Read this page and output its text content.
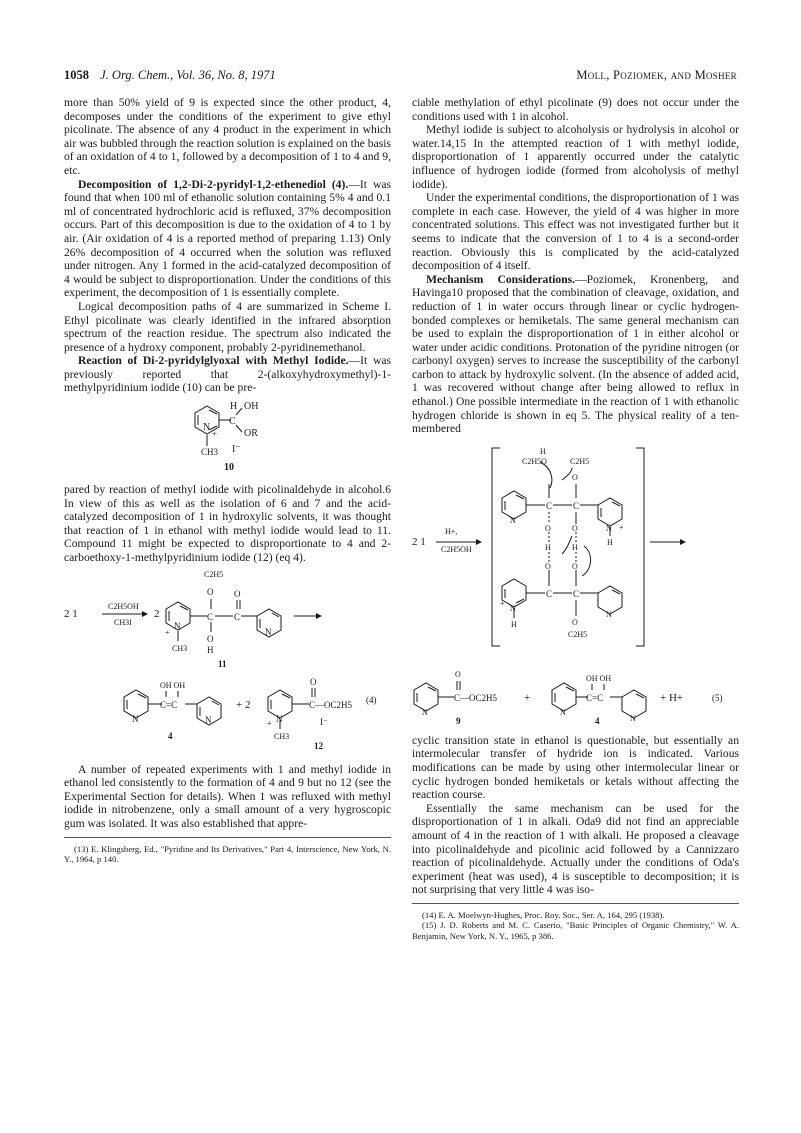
1058 J. Org. Chem., Vol. 36, No. 8, 1971	Moll, Poziomek, and Mosher

more than 50% yield of 9 is expected since the other product, 4, decomposes under the conditions of the experiment to give ethyl picolinate. The absence of any 4 product in the experiment in which air was bubbled through the reaction solution is explained on the basis of an oxidation of 4 to 1, followed by a decomposition of 1 to 4 and 9, etc.

Decomposition of 1,2-Di-2-pyridyl-1,2-ethenediol (4).—It was found that when 100 ml of ethanolic solution containing 5% 4 and 0.1 ml of concentrated hydrochloric acid is refluxed, 37% decomposition occurs. Part of this decomposition is due to the oxidation of 4 to 1 by air. (Air oxidation of 4 is a reported method of preparing 1.13) Only 26% decomposition of 4 occurred when the solution was refluxed under nitrogen. Any 1 formed in the acid-catalyzed decomposition of 4 would be subject to disproportionation. Under the conditions of this experiment, the decomposition of 1 is essentially complete.

Logical decomposition paths of 4 are summarized in Scheme I. Ethyl picolinate was clearly identified in the infrared absorption spectrum of the reaction residue. The spectrum also indicated the presence of a hydroxy component, probably 2-pyridinemethanol.

Reaction of Di-2-pyridylglyoxal with Methyl Iodide.—It was previously reported that 2-(alkoxyhydroxymethyl)-1-methylpyridinium iodide (10) can be pre-

H OH
C
OR
N
+
CH3 I⁻
10

pared by reaction of methyl iodide with picolinaldehyde in alcohol.6 In view of this as well as the isolation of 6 and 7 and the acid-catalyzed decomposition of 1 in hydroxylic solvents, it was thought that reaction of 1 in ethanol with methyl iodide would lead to 11. Compound 11 might be expected to disproportionate to 4 and 2-carboethoxy-1-methylpyridinium iodide (12) (eq 4).

2 1
C2H5OH
CH3I
2
C2H5
O O
C C
O
H
N
+
CH3
N
11
OH OH
C=C
N	N
4
+ 2
O
C—OC2H5
N
+
CH3
I⁻
12
(4)

A number of repeated experiments with 1 and methyl iodide in ethanol led consistently to the formation of 4 and 9 but no 12 (see the Experimental Section for details). When 1 was refluxed with methyl iodide in nitrobenzene, only a small amount of a very hygroscopic gum was isolated. It was also established that appre-

(13) E. Klingsberg, Ed., "Pyridine and Its Derivatives," Part 4, Interscience, New York, N. Y., 1964, p 140.

ciable methylation of ethyl picolinate (9) does not occur under the conditions used with 1 in alcohol.

Methyl iodide is subject to alcoholysis or hydrolysis in alcohol or water.14,15 In the attempted reaction of 1 with methyl iodide, disproportionation of 1 apparently occurred under the catalytic influence of hydrogen iodide (formed from alcoholysis of methyl iodide).

Under the experimental conditions, the disproportionation of 1 was complete in each case. However, the yield of 4 was higher in more concentrated solutions. This effect was not investigated further but it seems to indicate that the conversion of 1 to 4 is a second-order reaction. Obviously this is complicated by the acid-catalyzed decomposition of 4 itself.

Mechanism Considerations.—Poziomek, Kronenberg, and Havinga10 proposed that the combination of cleavage, oxidation, and reduction of 1 in water occurs through linear or cyclic hydrogen-bonded complexes or hemiketals. The same general mechanism can be used to explain the disproportionation of 1 in either alcohol or water under acidic conditions. Protonation of the pyridine nitrogen (or carbonyl oxygen) serves to increase the susceptibility of the carbonyl carbon to attack by hydroxylic solvent. (In the absence of added acid, 1 was recovered without change after being allowed to reflux in ethanol.) One possible intermediate in the reaction of 1 with ethanolic hydrogen chloride is shown in eq 5. The physical reality of a ten-membered

2 1
H+,
C2H5OH
H
C2H5O	C2H5
O
C C
N
N +
H
O	O
H	H
O	O
C C
N
+
H
N
O
C2H5
O
C—OC2H5
N
9
+
OH OH
C=C
N
N
4
+ H+	(5)

cyclic transition state in ethanol is questionable, but essentially an intermolecular transfer of hydride ion is indicated. Various modifications can be made by using other intermolecular linear or cyclic hydrogen bonded hemiketals or ketals without affecting the reaction course.

Essentially the same mechanism can be used for the disproportionation of 1 in alkali. Oda9 did not find an appreciable amount of 4 in the reaction of 1 with alkali. He proposed a cleavage into picolinaldehyde and picolinic acid followed by a Cannizzaro reaction of picolinaldehyde. Actually under the conditions of Oda's experiment (heat was used), 4 is susceptible to decomposition; it is not surprising that very little 4 was iso-

(14) E. A. Moelwyn-Hughes, Proc. Roy. Soc., Ser. A, 164, 295 (1938).

(15) J. D. Roberts and M. C. Caserio, "Basic Principles of Organic Chemistry," W. A. Benjamin, New York, N. Y., 1965, p 386.
